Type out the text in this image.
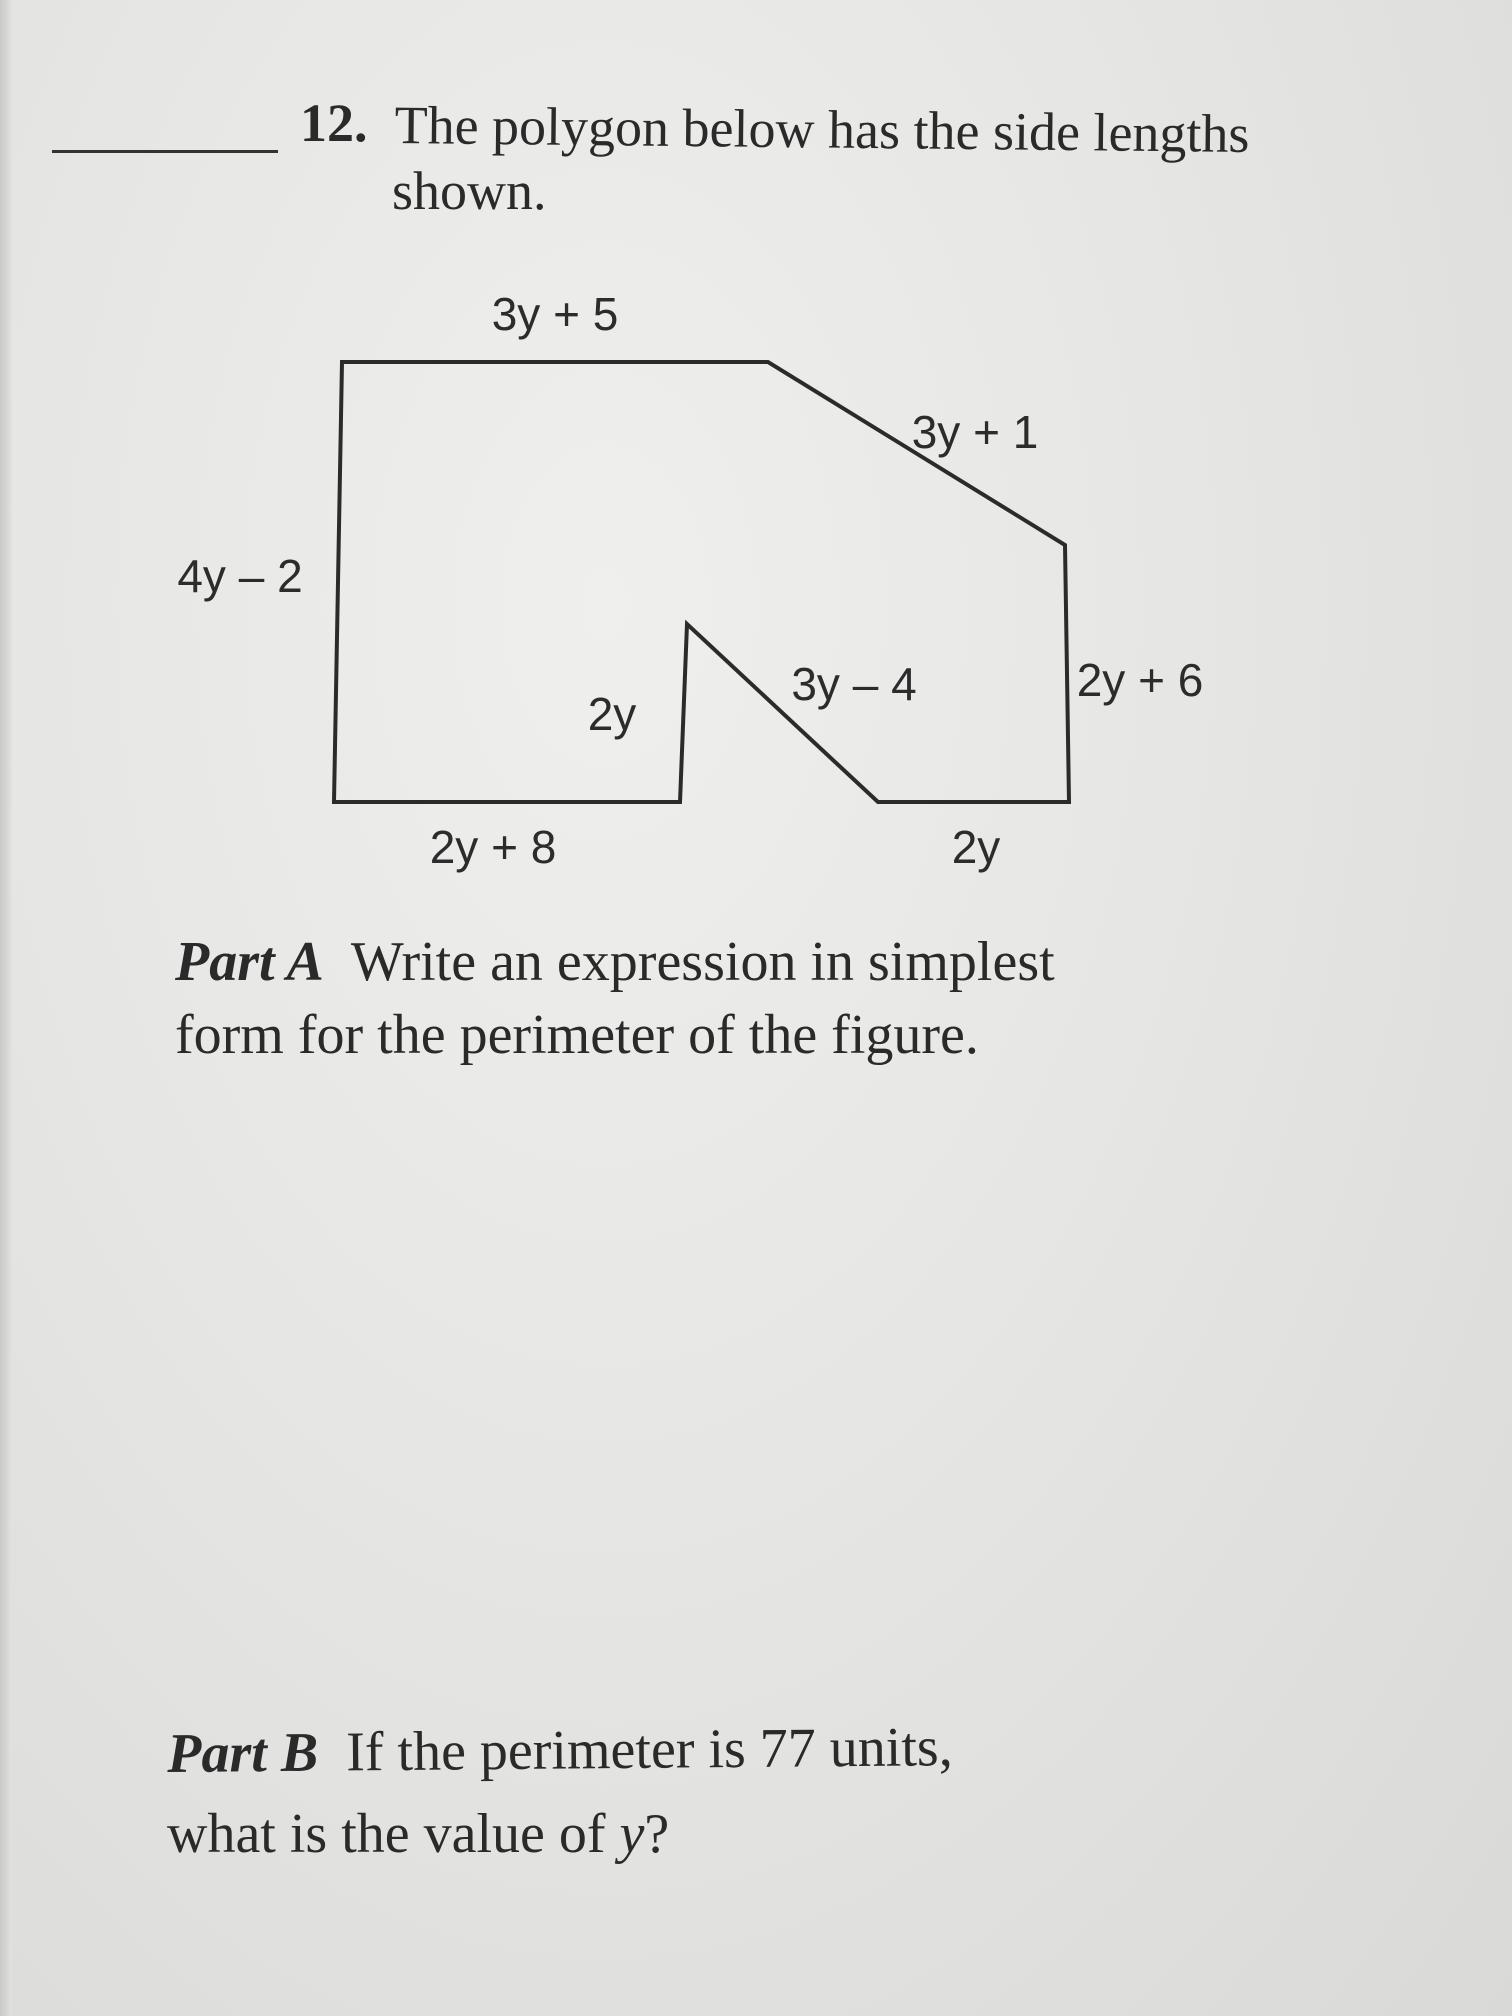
12. The polygon below has the side lengths
shown.
3y + 5
3y + 1
4y – 2
2y + 6
2y
3y – 4
2y + 8	2y
Part A Write an expression in simplest
form for the perimeter of the figure.
Part B If the perimeter is 77 units,
what is the value of y?
